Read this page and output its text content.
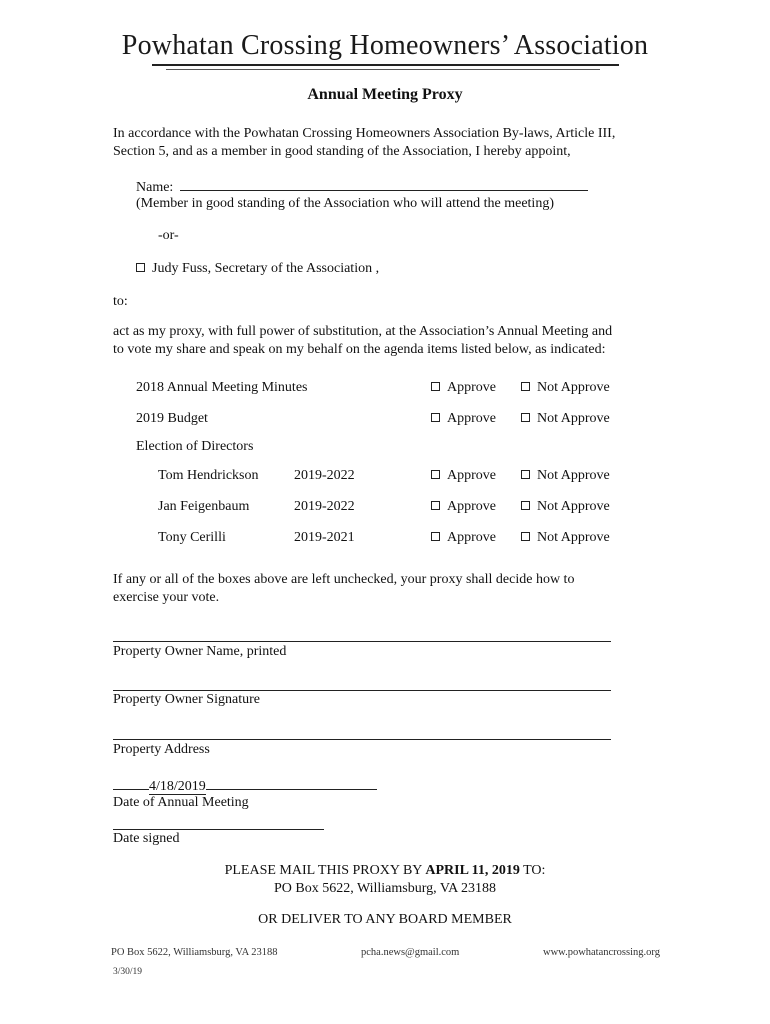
Powhatan Crossing Homeowners’ Association
Annual Meeting Proxy
In accordance with the Powhatan Crossing Homeowners Association By-laws, Article III,
Section 5, and as a member in good standing of the Association, I hereby appoint,
Name:
(Member in good standing of the Association who will attend the meeting)
-or-
Judy Fuss, Secretary of the Association ,
to:
act as my proxy, with full power of substitution, at the Association’s Annual Meeting and
to vote my share and speak on my behalf on the agenda items listed below, as indicated:
2018 Annual Meeting Minutes	Approve	Not Approve
2019 Budget	Approve	Not Approve
Election of Directors
Tom Hendrickson	2019-2022	Approve	Not Approve
Jan Feigenbaum	2019-2022	Approve	Not Approve
Tony Cerilli	2019-2021	Approve	Not Approve
If any or all of the boxes above are left unchecked, your proxy shall decide how to
exercise your vote.
Property Owner Name, printed
Property Owner Signature
Property Address
4/18/2019
Date of Annual Meeting
Date signed
PLEASE MAIL THIS PROXY BY APRIL 11, 2019 TO:
PO Box 5622, Williamsburg, VA 23188
OR DELIVER TO ANY BOARD MEMBER
PO Box 5622, Williamsburg, VA 23188	pcha.news@gmail.com	www.powhatancrossing.org
3/30/19
